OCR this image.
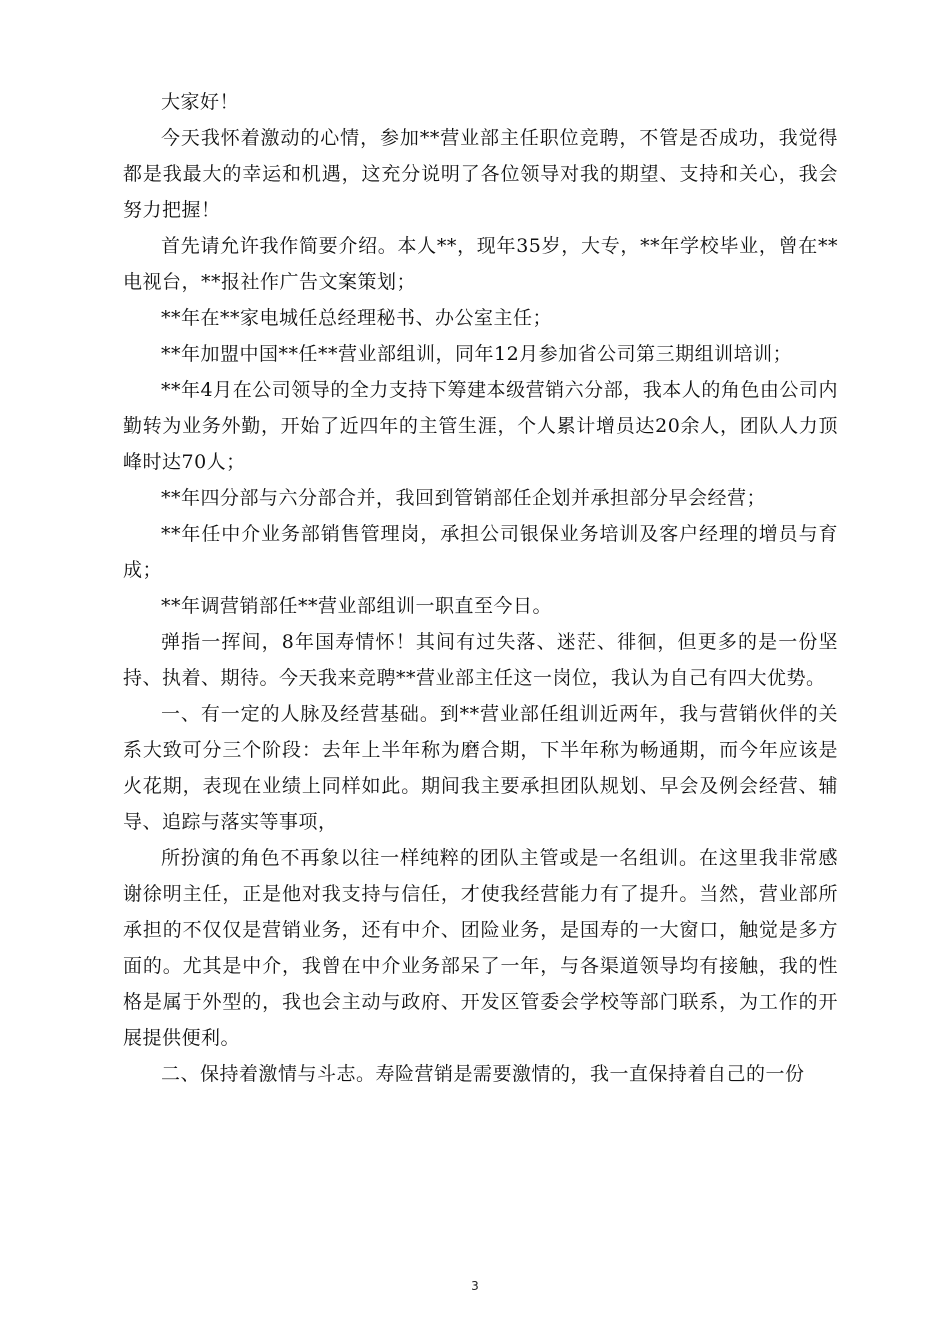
大家好！

今天我怀着激动的心情，参加**营业部主任职位竞聘，不管是否成功，我觉得都是我最大的幸运和机遇，这充分说明了各位领导对我的期望、支持和关心，我会努力把握！

首先请允许我作简要介绍。本人**，现年35岁，大专，**年学校毕业，曾在**电视台，**报社作广告文案策划；

**年在**家电城任总经理秘书、办公室主任；

**年加盟中国**任**营业部组训，同年12月参加省公司第三期组训培训；

**年4月在公司领导的全力支持下筹建本级营销六分部，我本人的角色由公司内勤转为业务外勤，开始了近四年的主管生涯，个人累计增员达20余人，团队人力顶峰时达70人；

**年四分部与六分部合并，我回到管销部任企划并承担部分早会经营；

**年任中介业务部销售管理岗，承担公司银保业务培训及客户经理的增员与育成；

**年调营销部任**营业部组训一职直至今日。

弹指一挥间，8年国寿情怀！其间有过失落、迷茫、徘徊，但更多的是一份坚持、执着、期待。今天我来竞聘**营业部主任这一岗位，我认为自己有四大优势。

一、有一定的人脉及经营基础。到**营业部任组训近两年，我与营销伙伴的关系大致可分三个阶段：去年上半年称为磨合期，下半年称为畅通期，而今年应该是火花期，表现在业绩上同样如此。期间我主要承担团队规划、早会及例会经营、辅导、追踪与落实等事项，

所扮演的角色不再象以往一样纯粹的团队主管或是一名组训。在这里我非常感谢徐明主任，正是他对我支持与信任，才使我经营能力有了提升。当然，营业部所承担的不仅仅是营销业务，还有中介、团险业务，是国寿的一大窗口，触觉是多方面的。尤其是中介，我曾在中介业务部呆了一年，与各渠道领导均有接触，我的性格是属于外型的，我也会主动与政府、开发区管委会学校等部门联系，为工作的开展提供便利。

二、保持着激情与斗志。寿险营销是需要激情的，我一直保持着自己的一份

3
